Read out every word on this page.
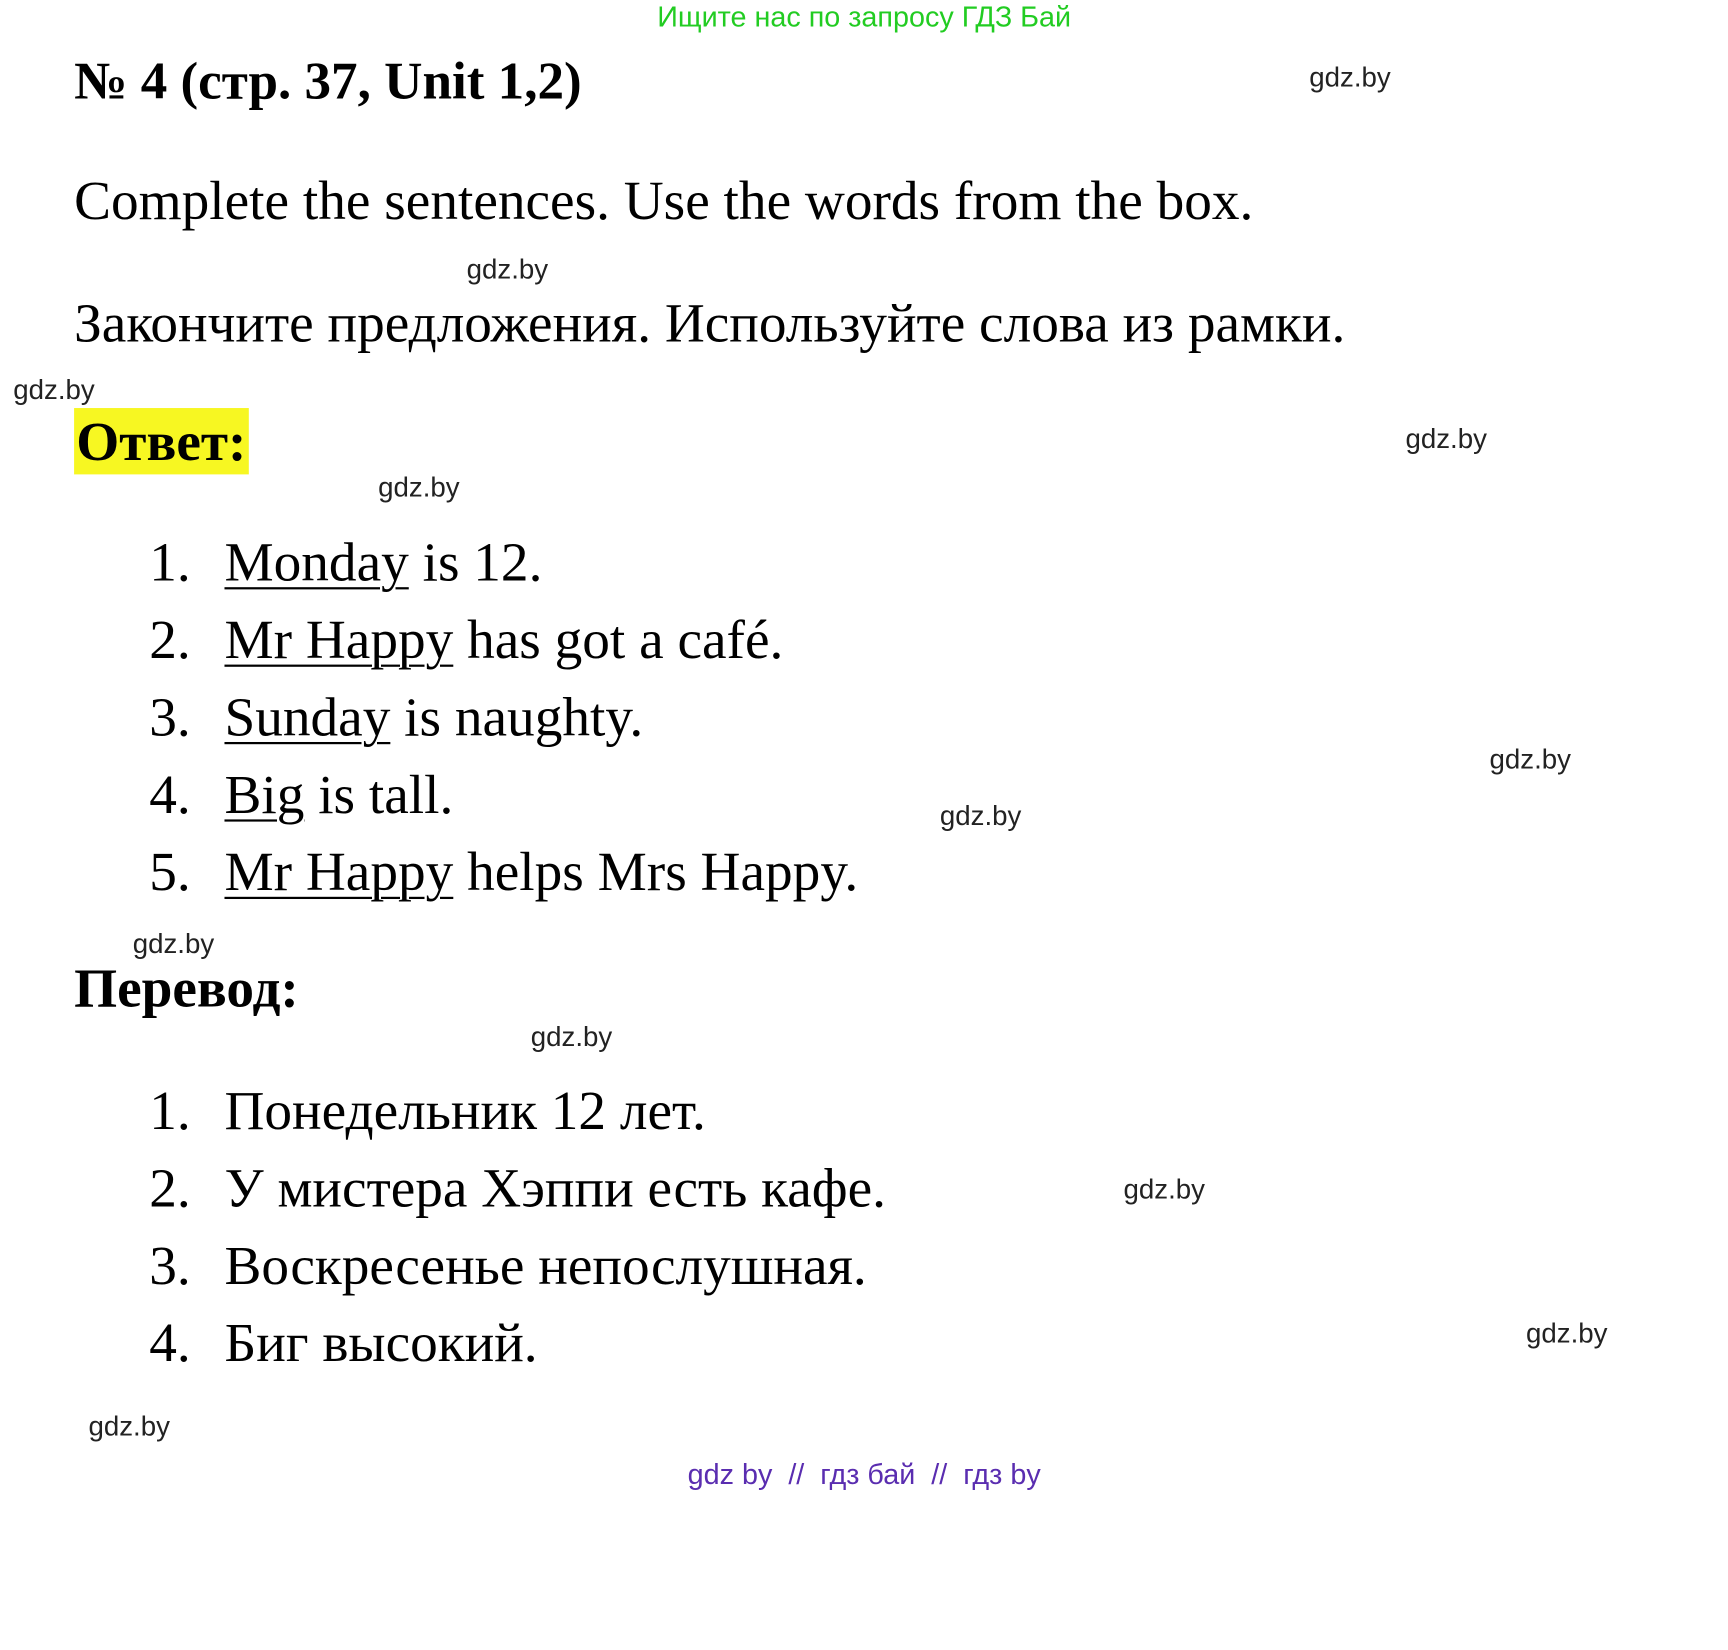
Ищите нас по запросу ГДЗ Бай
№ 4 (стр. 37, Unit 1,2)
Complete the sentences. Use the words from the box.
Закончите предложения. Используйте слова из рамки.
Ответ:
1. Monday is 12.
2. Mr Happy has got a café.
3. Sunday is naughty.
4. Big is tall.
5. Mr Happy helps Mrs Happy.
Перевод:
1. Понедельник 12 лет.
2. У мистера Хэппи есть кафе.
3. Воскресенье непослушная.
4. Биг высокий.
gdz.by
gdz.by
gdz.by
gdz.by
gdz.by
gdz.by
gdz.by
gdz.by
gdz.by
gdz.by
gdz.by
gdz.by
gdz by  //  гдз бай  //  гдз by
